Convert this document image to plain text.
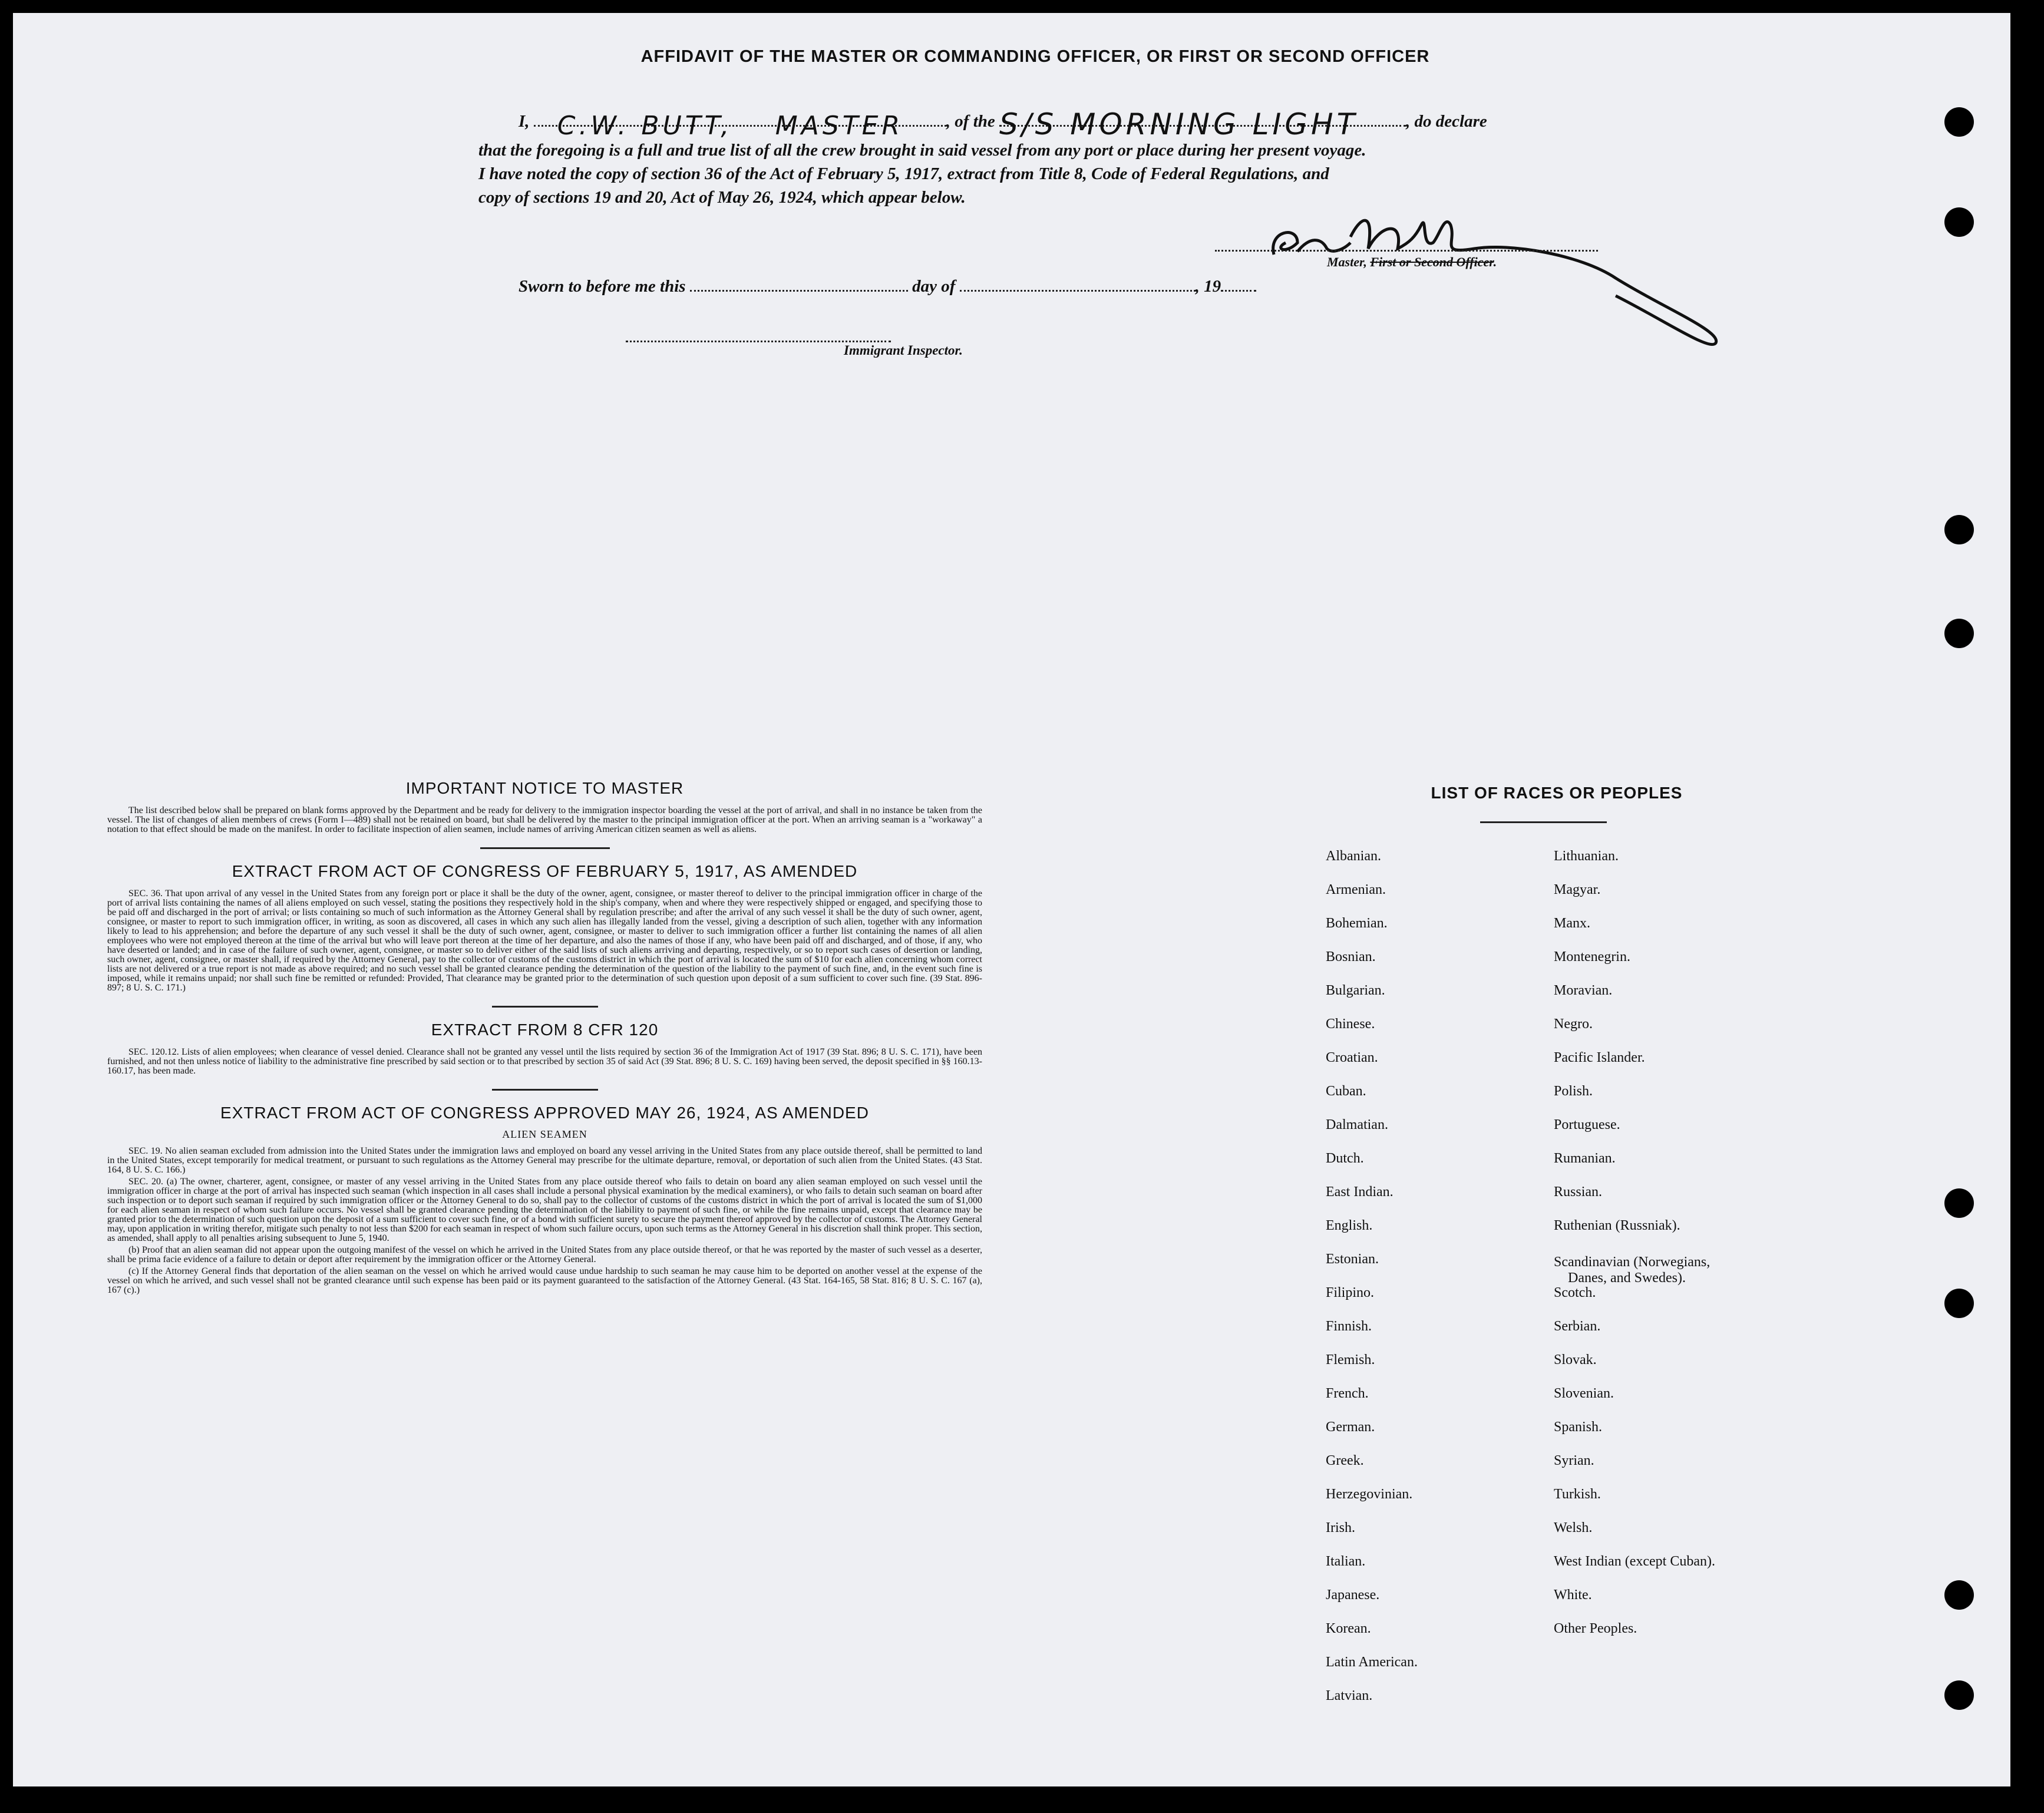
AFFIDAVIT OF THE MASTER OR COMMANDING OFFICER, OR FIRST OR SECOND OFFICER
I, C.W. BUTT, MASTER	, of the S/S MORNING LIGHT	, do declare
that the foregoing is a full and true list of all the crew brought in said vessel from any port or place during her present voyage.
I have noted the copy of section 36 of the Act of February 5, 1917, extract from Title 8, Code of Federal Regulations, and
copy of sections 19 and 20, Act of May 26, 1924, which appear below.
Master, First or Second Officer.
Sworn to before me this	day of	, 19
Immigrant Inspector.
IMPORTANT NOTICE TO MASTER

The list described below shall be prepared on blank forms approved by the Department and be ready for delivery to the immigration inspector boarding the vessel at the port of arrival, and shall in no instance be taken from the vessel. The list of changes of alien members of crews (Form I—489) shall not be retained on board, but shall be delivered by the master to the principal immigration officer at the port. When an arriving seaman is a "workaway" a notation to that effect should be made on the manifest. In order to facilitate inspection of alien seamen, include names of arriving American citizen seamen as well as aliens.

EXTRACT FROM ACT OF CONGRESS OF FEBRUARY 5, 1917, AS AMENDED

SEC. 36. That upon arrival of any vessel in the United States from any foreign port or place it shall be the duty of the owner, agent, consignee, or master thereof to deliver to the principal immigration officer in charge of the port of arrival lists containing the names of all aliens employed on such vessel, stating the positions they respectively hold in the ship's company, when and where they were respectively shipped or engaged, and specifying those to be paid off and discharged in the port of arrival; or lists containing so much of such information as the Attorney General shall by regulation prescribe; and after the arrival of any such vessel it shall be the duty of such owner, agent, consignee, or master to report to such immigration officer, in writing, as soon as discovered, all cases in which any such alien has illegally landed from the vessel, giving a description of such alien, together with any information likely to lead to his apprehension; and before the departure of any such vessel it shall be the duty of such owner, agent, consignee, or master to deliver to such immigration officer a further list containing the names of all alien employees who were not employed thereon at the time of the arrival but who will leave port thereon at the time of her departure, and also the names of those if any, who have been paid off and discharged, and of those, if any, who have deserted or landed; and in case of the failure of such owner, agent, consignee, or master so to deliver either of the said lists of such aliens arriving and departing, respectively, or so to report such cases of desertion or landing, such owner, agent, consignee, or master shall, if required by the Attorney General, pay to the collector of customs of the customs district in which the port of arrival is located the sum of $10 for each alien concerning whom correct lists are not delivered or a true report is not made as above required; and no such vessel shall be granted clearance pending the determination of the question of the liability to the payment of such fine, and, in the event such fine is imposed, while it remains unpaid; nor shall such fine be remitted or refunded: Provided, That clearance may be granted prior to the determination of such question upon deposit of a sum sufficient to cover such fine. (39 Stat. 896-897; 8 U. S. C. 171.)

EXTRACT FROM 8 CFR 120

SEC. 120.12. Lists of alien employees; when clearance of vessel denied. Clearance shall not be granted any vessel until the lists required by section 36 of the Immigration Act of 1917 (39 Stat. 896; 8 U. S. C. 171), have been furnished, and not then unless notice of liability to the administrative fine prescribed by said section or to that prescribed by section 35 of said Act (39 Stat. 896; 8 U. S. C. 169) having been served, the deposit specified in §§ 160.13-160.17, has been made.

EXTRACT FROM ACT OF CONGRESS APPROVED MAY 26, 1924, AS AMENDED
ALIEN SEAMEN

SEC. 19. No alien seaman excluded from admission into the United States under the immigration laws and employed on board any vessel arriving in the United States from any place outside thereof, shall be permitted to land in the United States, except temporarily for medical treatment, or pursuant to such regulations as the Attorney General may prescribe for the ultimate departure, removal, or deportation of such alien from the United States. (43 Stat. 164, 8 U. S. C. 166.)

SEC. 20. (a) The owner, charterer, agent, consignee, or master of any vessel arriving in the United States from any place outside thereof who fails to detain on board any alien seaman employed on such vessel until the immigration officer in charge at the port of arrival has inspected such seaman (which inspection in all cases shall include a personal physical examination by the medical examiners), or who fails to detain such seaman on board after such inspection or to deport such seaman if required by such immigration officer or the Attorney General to do so, shall pay to the collector of customs of the customs district in which the port of arrival is located the sum of $1,000 for each alien seaman in respect of whom such failure occurs. No vessel shall be granted clearance pending the determination of the liability to payment of such fine, or while the fine remains unpaid, except that clearance may be granted prior to the determination of such question upon the deposit of a sum sufficient to cover such fine, or of a bond with sufficient surety to secure the payment thereof approved by the collector of customs. The Attorney General may, upon application in writing therefor, mitigate such penalty to not less than $200 for each seaman in respect of whom such failure occurs, upon such terms as the Attorney General in his discretion shall think proper. This section, as amended, shall apply to all penalties arising subsequent to June 5, 1940.

(b) Proof that an alien seaman did not appear upon the outgoing manifest of the vessel on which he arrived in the United States from any place outside thereof, or that he was reported by the master of such vessel as a deserter, shall be prima facie evidence of a failure to detain or deport after requirement by the immigration officer or the Attorney General.

(c) If the Attorney General finds that deportation of the alien seaman on the vessel on which he arrived would cause undue hardship to such seaman he may cause him to be deported on another vessel at the expense of the vessel on which he arrived, and such vessel shall not be granted clearance until such expense has been paid or its payment guaranteed to the satisfaction of the Attorney General. (43 Stat. 164-165, 58 Stat. 816; 8 U. S. C. 167 (a), 167 (c).)

LIST OF RACES OR PEOPLES
Albanian.
Armenian.
Bohemian.
Bosnian.
Bulgarian.
Chinese.
Croatian.
Cuban.
Dalmatian.
Dutch.
East Indian.
English.
Estonian.
Filipino.
Finnish.
Flemish.
French.
German.
Greek.
Herzegovinian.
Irish.
Italian.
Japanese.
Korean.
Latin American.
Latvian.
Lithuanian.
Magyar.
Manx.
Montenegrin.
Moravian.
Negro.
Pacific Islander.
Polish.
Portuguese.
Rumanian.
Russian.
Ruthenian (Russniak).
Scandinavian (Norwegians,
Danes, and Swedes).
Scotch.
Serbian.
Slovak.
Slovenian.
Spanish.
Syrian.
Turkish.
Welsh.
West Indian (except Cuban).
White.
Other Peoples.
